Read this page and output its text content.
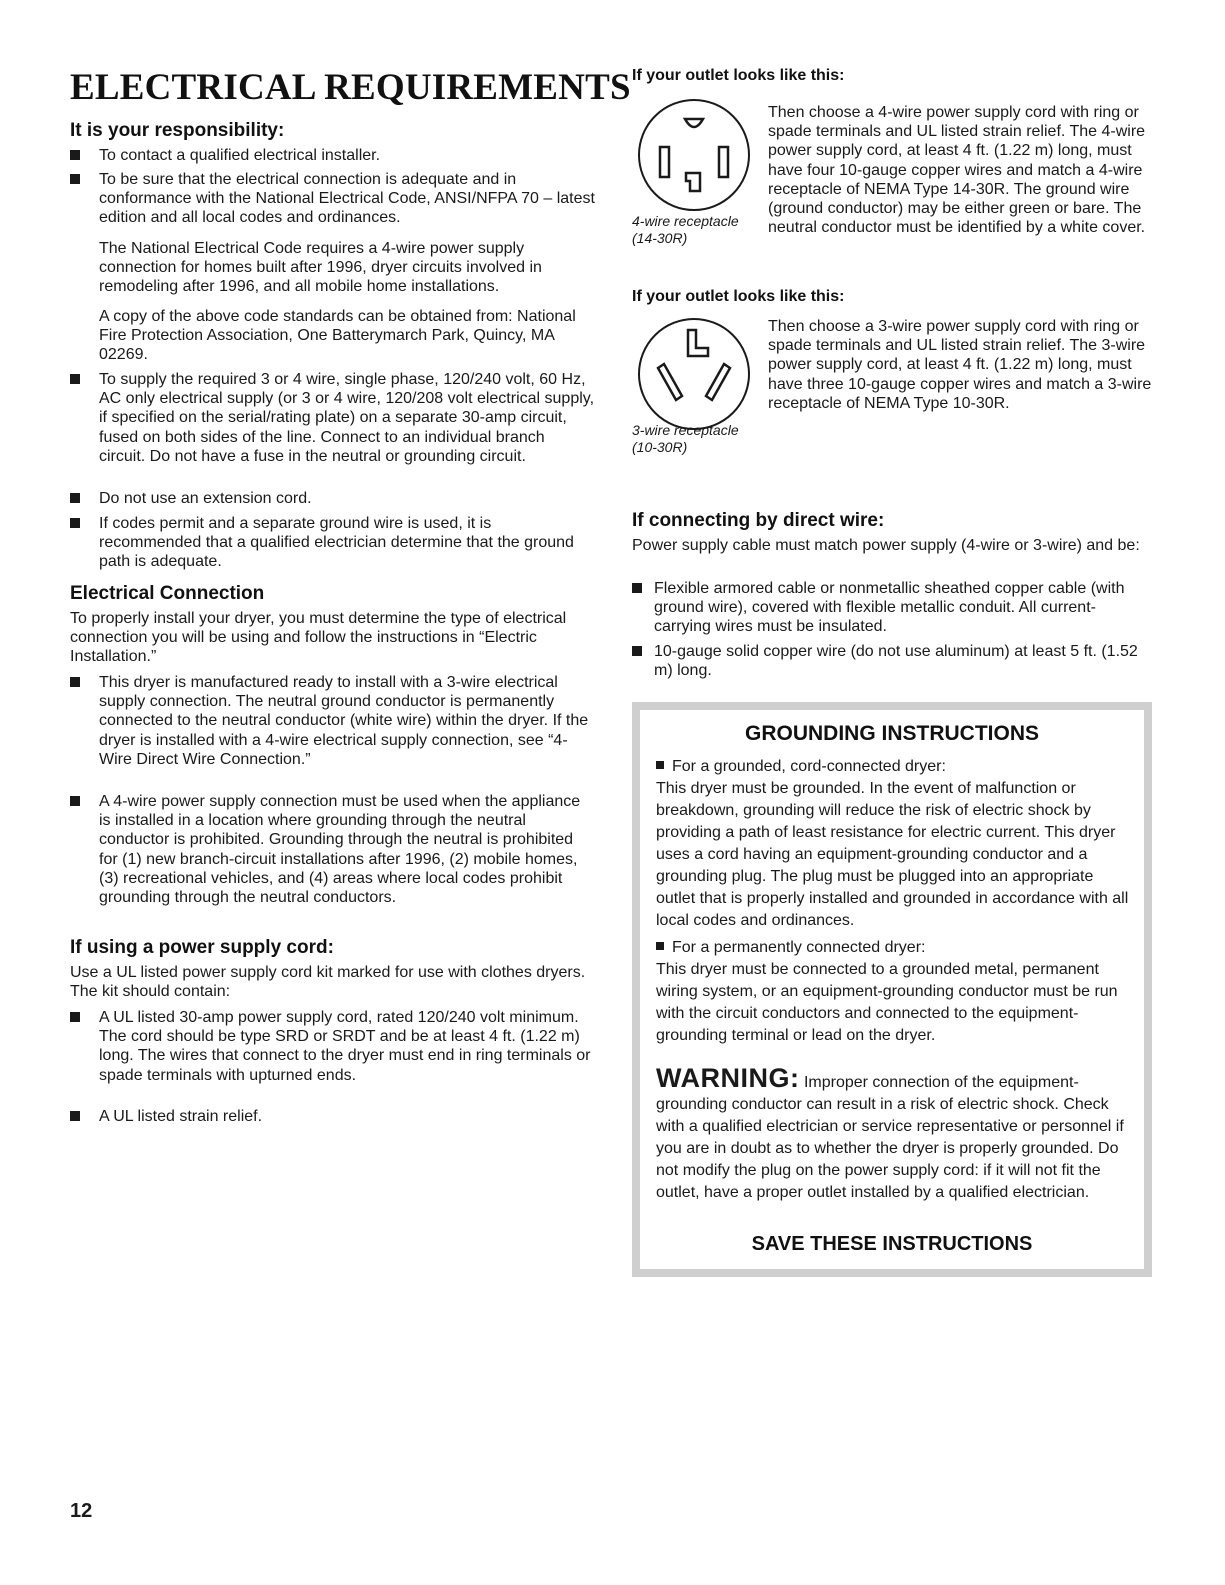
ELECTRICAL REQUIREMENTS
It is your responsibility:
To contact a qualified electrical installer.
To be sure that the electrical connection is adequate and in conformance with the National Electrical Code, ANSI/NFPA 70 – latest edition and all local codes and ordinances.
The National Electrical Code requires a 4-wire power supply connection for homes built after 1996, dryer circuits involved in remodeling after 1996, and all mobile home installations.
A copy of the above code standards can be obtained from: National Fire Protection Association, One Batterymarch Park, Quincy, MA 02269.
To supply the required 3 or 4 wire, single phase, 120/240 volt, 60 Hz, AC only electrical supply (or 3 or 4 wire, 120/208 volt electrical supply, if specified on the serial/rating plate) on a separate 30-amp circuit, fused on both sides of the line. Connect to an individual branch circuit. Do not have a fuse in the neutral or grounding circuit.
Do not use an extension cord.
If codes permit and a separate ground wire is used, it is recommended that a qualified electrician determine that the ground path is adequate.
Electrical Connection
To properly install your dryer, you must determine the type of electrical connection you will be using and follow the instructions in “Electric Installation.”
This dryer is manufactured ready to install with a 3-wire electrical supply connection. The neutral ground conductor is permanently connected to the neutral conductor (white wire) within the dryer. If the dryer is installed with a 4-wire electrical supply connection, see “4-Wire Direct Wire Connection.”
A 4-wire power supply connection must be used when the appliance is installed in a location where grounding through the neutral conductor is prohibited. Grounding through the neutral is prohibited for (1) new branch-circuit installations after 1996, (2) mobile homes, (3) recreational vehicles, and (4) areas where local codes prohibit grounding through the neutral conductors.
If using a power supply cord:
Use a UL listed power supply cord kit marked for use with clothes dryers. The kit should contain:
A UL listed 30-amp power supply cord, rated 120/240 volt minimum. The cord should be type SRD or SRDT and be at least 4 ft. (1.22 m) long. The wires that connect to the dryer must end in ring terminals or spade terminals with upturned ends.
A UL listed strain relief.
If your outlet looks like this:
4-wire receptacle
(14-30R)
Then choose a 4-wire power supply cord with ring or spade terminals and UL listed strain relief. The 4-wire power supply cord, at least 4 ft. (1.22 m) long, must have four 10-gauge copper wires and match a 4-wire receptacle of NEMA Type 14-30R. The ground wire (ground conductor) may be either green or bare. The neutral conductor must be identified by a white cover.
If your outlet looks like this:
3-wire receptacle
(10-30R)
Then choose a 3-wire power supply cord with ring or spade terminals and UL listed strain relief. The 3-wire power supply cord, at least 4 ft. (1.22 m) long, must have three 10-gauge copper wires and match a 3-wire receptacle of NEMA Type 10-30R.
If connecting by direct wire:
Power supply cable must match power supply (4-wire or 3-wire) and be:
Flexible armored cable or nonmetallic sheathed copper cable (with ground wire), covered with flexible metallic conduit. All current-carrying wires must be insulated.
10-gauge solid copper wire (do not use aluminum) at least 5 ft. (1.52 m) long.
GROUNDING INSTRUCTIONS
For a grounded, cord-connected dryer:
This dryer must be grounded. In the event of malfunction or breakdown, grounding will reduce the risk of electric shock by providing a path of least resistance for electric current. This dryer uses a cord having an equipment-grounding conductor and a grounding plug. The plug must be plugged into an appropriate outlet that is properly installed and grounded in accordance with all local codes and ordinances.
For a permanently connected dryer:
This dryer must be connected to a grounded metal, permanent wiring system, or an equipment-grounding conductor must be run with the circuit conductors and connected to the equipment-grounding terminal or lead on the dryer.
WARNING: Improper connection of the equipment-grounding conductor can result in a risk of electric shock. Check with a qualified electrician or service representative or personnel if you are in doubt as to whether the dryer is properly grounded. Do not modify the plug on the power supply cord: if it will not fit the outlet, have a proper outlet installed by a qualified electrician.
SAVE THESE INSTRUCTIONS
12
